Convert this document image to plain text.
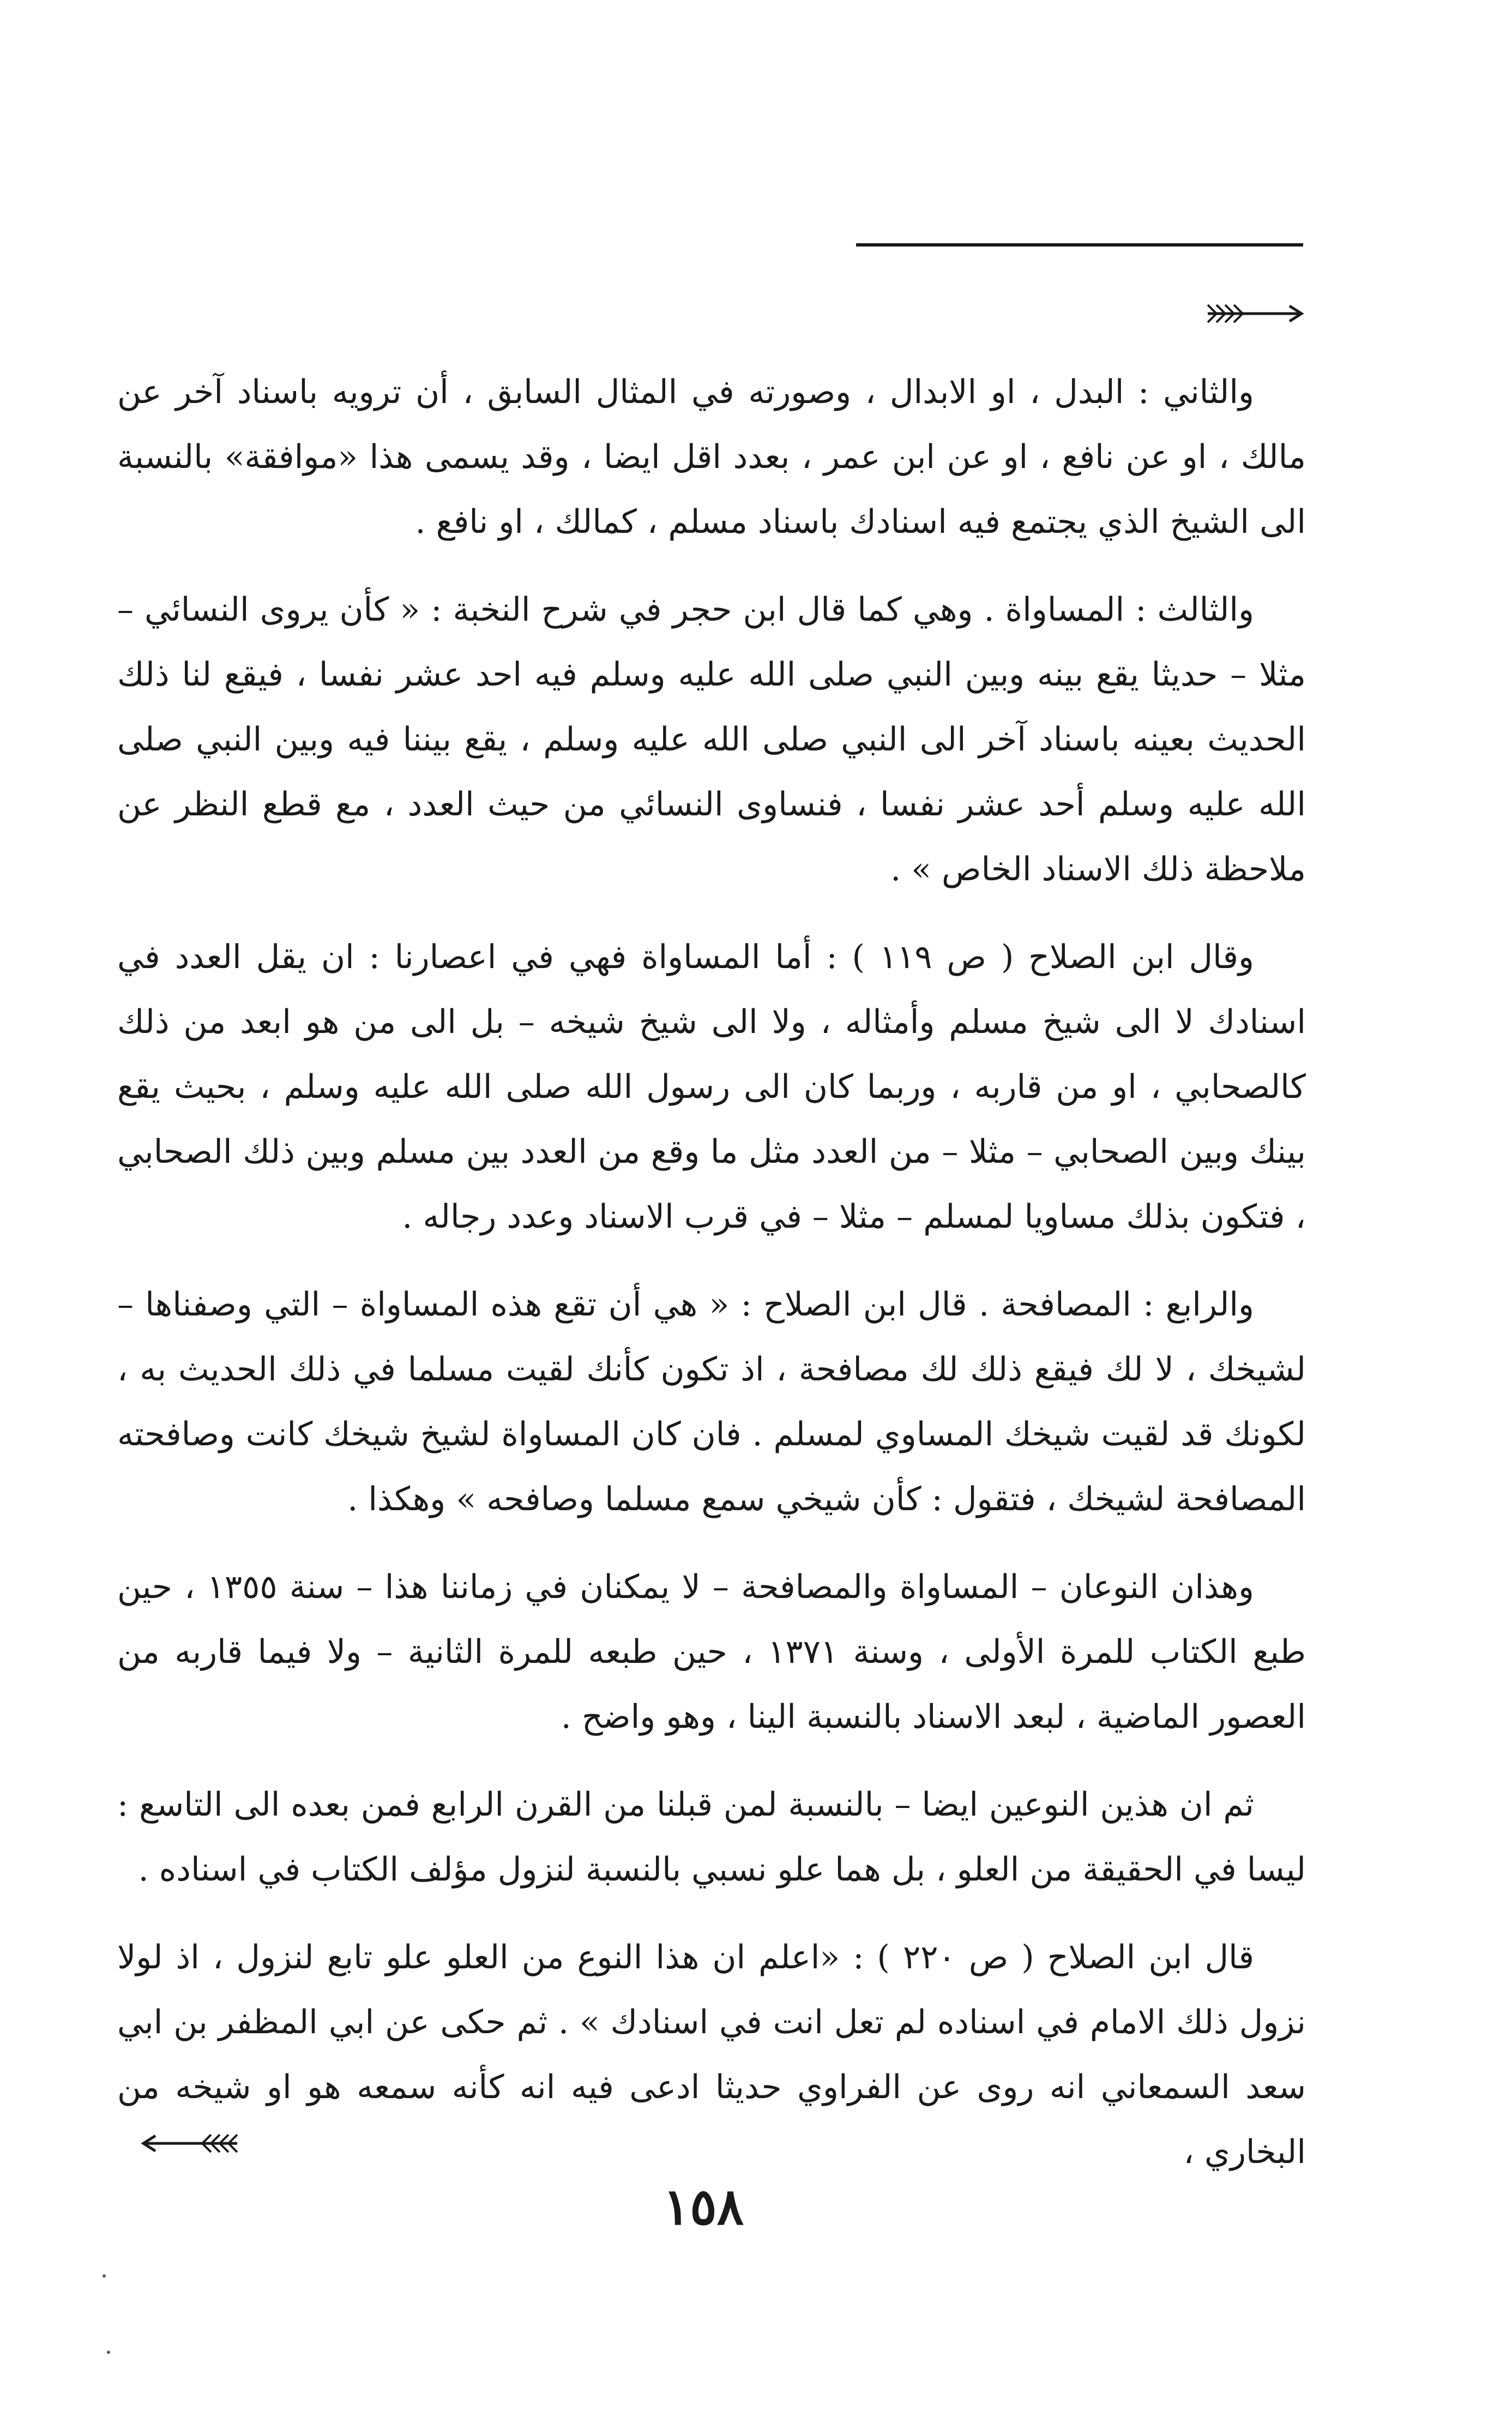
والثاني : البدل ، او الابدال ، وصورته في المثال السابق ، أن ترويه باسناد آخر عن مالك ، او عن نافع ، او عن ابن عمر ، بعدد اقل ايضا ، وقد يسمى هذا «موافقة» بالنسبة الى الشيخ الذي يجتمع فيه اسنادك باسناد مسلم ، كمالك ، او نافع .

والثالث : المساواة . وهي كما قال ابن حجر في شرح النخبة : « كأن يروى النسائي – مثلا – حديثا يقع بينه وبين النبي صلى الله عليه وسلم فيه احد عشر نفسا ، فيقع لنا ذلك الحديث بعينه باسناد آخر الى النبي صلى الله عليه وسلم ، يقع بيننا فيه وبين النبي صلى الله عليه وسلم أحد عشر نفسا ، فنساوى النسائي من حيث العدد ، مع قطع النظر عن ملاحظة ذلك الاسناد الخاص » .

وقال ابن الصلاح ( ص ١١٩ ) : أما المساواة فهي في اعصارنا : ان يقل العدد في اسنادك لا الى شيخ مسلم وأمثاله ، ولا الى شيخ شيخه – بل الى من هو ابعد من ذلك كالصحابي ، او من قاربه ، وربما كان الى رسول الله صلى الله عليه وسلم ، بحيث يقع بينك وبين الصحابي – مثلا – من العدد مثل ما وقع من العدد بين مسلم وبين ذلك الصحابي ، فتكون بذلك مساويا لمسلم – مثلا – في قرب الاسناد وعدد رجاله .

والرابع : المصافحة . قال ابن الصلاح : « هي أن تقع هذه المساواة – التي وصفناها – لشيخك ، لا لك فيقع ذلك لك مصافحة ، اذ تكون كأنك لقيت مسلما في ذلك الحديث به ، لكونك قد لقيت شيخك المساوي لمسلم . فان كان المساواة لشيخ شيخك كانت وصافحته المصافحة لشيخك ، فتقول : كأن شيخي سمع مسلما وصافحه » وهكذا .

وهذان النوعان – المساواة والمصافحة – لا يمكنان في زماننا هذا – سنة ١٣٥٥ ، حين طبع الكتاب للمرة الأولى ، وسنة ١٣٧١ ، حين طبعه للمرة الثانية – ولا فيما قاربه من العصور الماضية ، لبعد الاسناد بالنسبة الينا ، وهو واضح .

ثم ان هذين النوعين ايضا – بالنسبة لمن قبلنا من القرن الرابع فمن بعده الى التاسع : ليسا في الحقيقة من العلو ، بل هما علو نسبي بالنسبة لنزول مؤلف الكتاب في اسناده .

قال ابن الصلاح ( ص ٢٢٠ ) : «اعلم ان هذا النوع من العلو علو تابع لنزول ، اذ لولا نزول ذلك الامام في اسناده لم تعل انت في اسنادك » . ثم حكى عن ابي المظفر بن ابي سعد السمعاني انه روى عن الفراوي حديثا ادعى فيه انه كأنه سمعه هو او شيخه من البخاري ،

١٥٨
